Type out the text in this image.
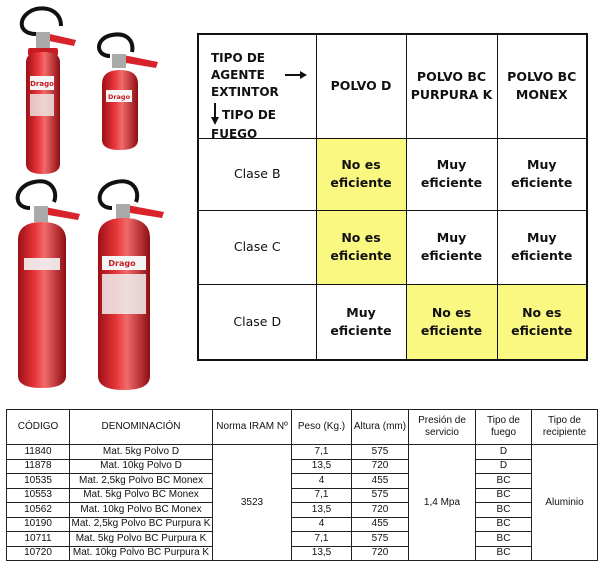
Drago
Drago
Drago
TIPO DE AGENTE EXTINTOR
TIPO DE FUEGO	POLVO D	POLVO BC PURPURA K	POLVO BC MONEX
Clase B	No es eficiente	Muy eficiente	Muy eficiente
Clase C	No es eficiente	Muy eficiente	Muy eficiente
Clase D	Muy eficiente	No es eficiente	No es eficiente
CÓDIGO	DENOMINACIÓN	Norma IRAM Nº	Peso (Kg.)	Altura (mm)	Presión de servicio	Tipo de fuego	Tipo de recipiente
11840	Mat. 5kg Polvo D	3523	7,1	575	1,4 Mpa	D	Aluminio
11878	Mat. 10kg Polvo D		13,5	720		D	
10535	Mat. 2,5kg Polvo BC Monex		4	455		BC	
10553	Mat. 5kg Polvo BC Monex		7,1	575		BC	
10562	Mat. 10kg Polvo BC Monex		13,5	720		BC	
10190	Mat. 2,5kg Polvo BC Purpura K		4	455		BC	
10711	Mat. 5kg Polvo BC Purpura K		7,1	575		BC	
10720	Mat. 10kg Polvo BC Purpura K		13,5	720		BC	
